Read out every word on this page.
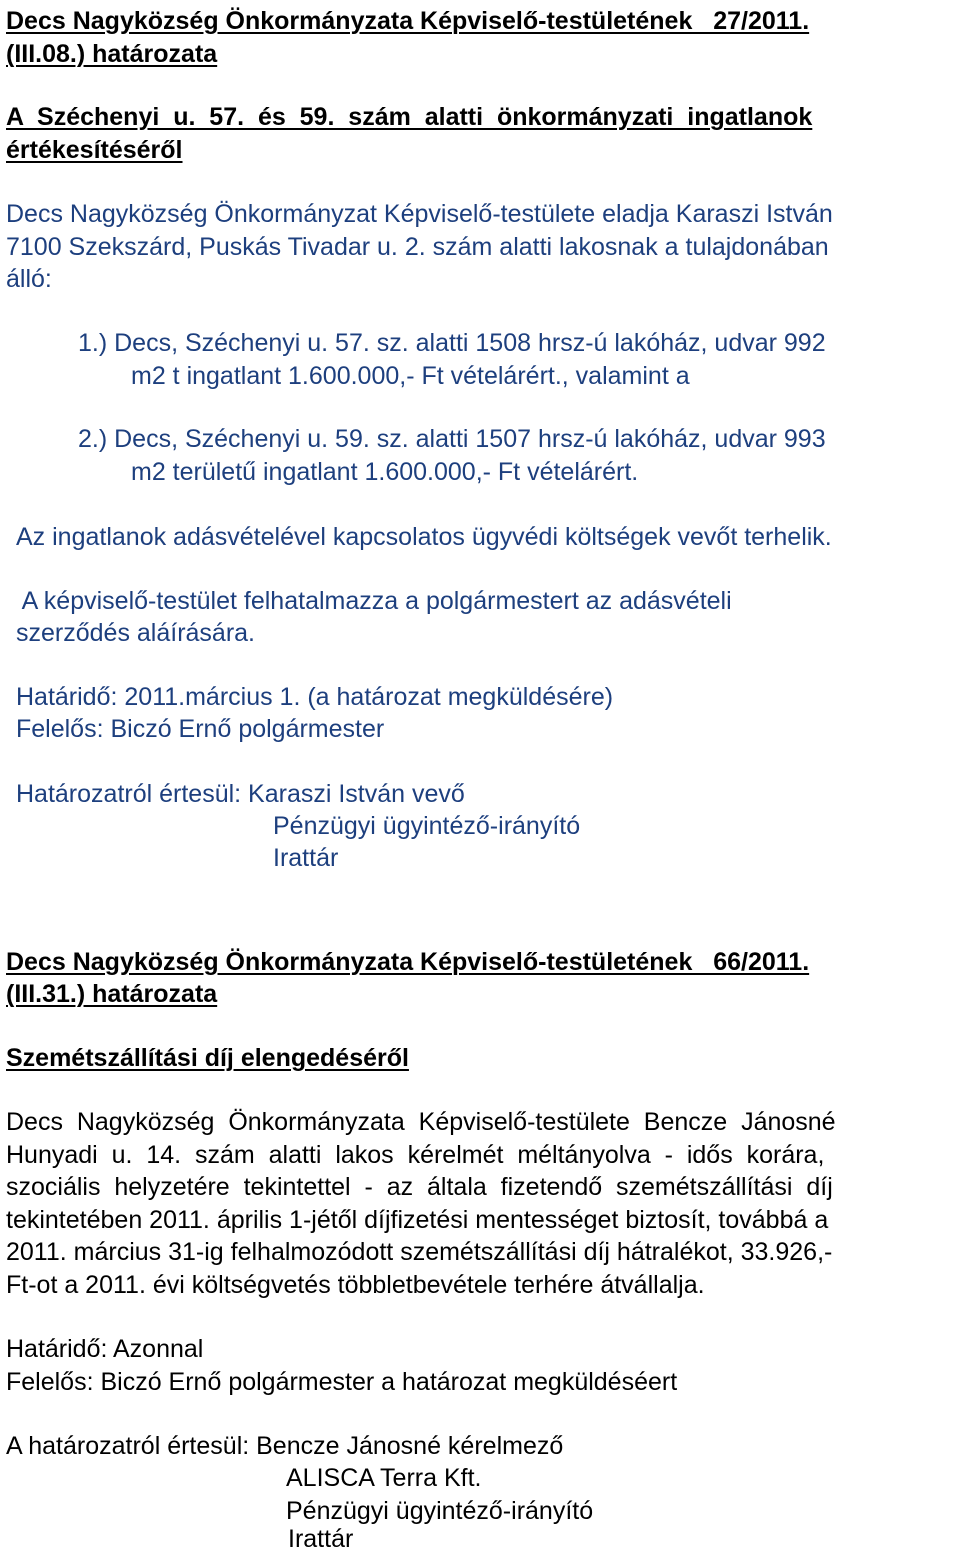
Decs Nagyközség Önkormányzata Képviselő-testületének   27/2011.

(III.08.) határozata

A  Széchenyi  u.  57.  és  59.  szám  alatti  önkormányzati  ingatlanok

értékesítéséről

Decs Nagyközség Önkormányzat Képviselő-testülete eladja Karaszi István

7100 Szekszárd, Puskás Tivadar u. 2. szám alatti lakosnak a tulajdonában

álló:

1.) Decs, Széchenyi u. 57. sz. alatti 1508 hrsz-ú lakóház, udvar 992

m2 t ingatlant 1.600.000,- Ft vételárért., valamint a

2.) Decs, Széchenyi u. 59. sz. alatti 1507 hrsz-ú lakóház, udvar 993

m2 területű ingatlant 1.600.000,- Ft vételárért.

Az ingatlanok adásvételével kapcsolatos ügyvédi költségek vevőt terhelik.

A képviselő-testület felhatalmazza a polgármestert az adásvételi

szerződés aláírására.

Határidő: 2011.március 1. (a határozat megküldésére)

Felelős: Biczó Ernő polgármester

Határozatról értesül: Karaszi István vevő

Pénzügyi ügyintéző-irányító

Irattár

Decs Nagyközség Önkormányzata Képviselő-testületének   66/2011.

(III.31.) határozata

Szemétszállítási díj elengedéséről

Decs  Nagyközség  Önkormányzata  Képviselő-testülete  Bencze  Jánosné

Hunyadi  u.  14.  szám  alatti  lakos  kérelmét  méltányolva  -  idős  korára,

szociális  helyzetére  tekintettel  -  az  általa  fizetendő  szemétszállítási  díj

tekintetében 2011. április 1-jétől díjfizetési mentességet biztosít, továbbá a

2011. március 31-ig felhalmozódott szemétszállítási díj hátralékot, 33.926,-

Ft-ot a 2011. évi költségvetés többletbevétele terhére átvállalja.

Határidő: Azonnal

Felelős: Biczó Ernő polgármester a határozat megküldéséert

A határozatról értesül: Bencze Jánosné kérelmező

ALISCA Terra Kft.

Pénzügyi ügyintéző-irányító

Irattár
